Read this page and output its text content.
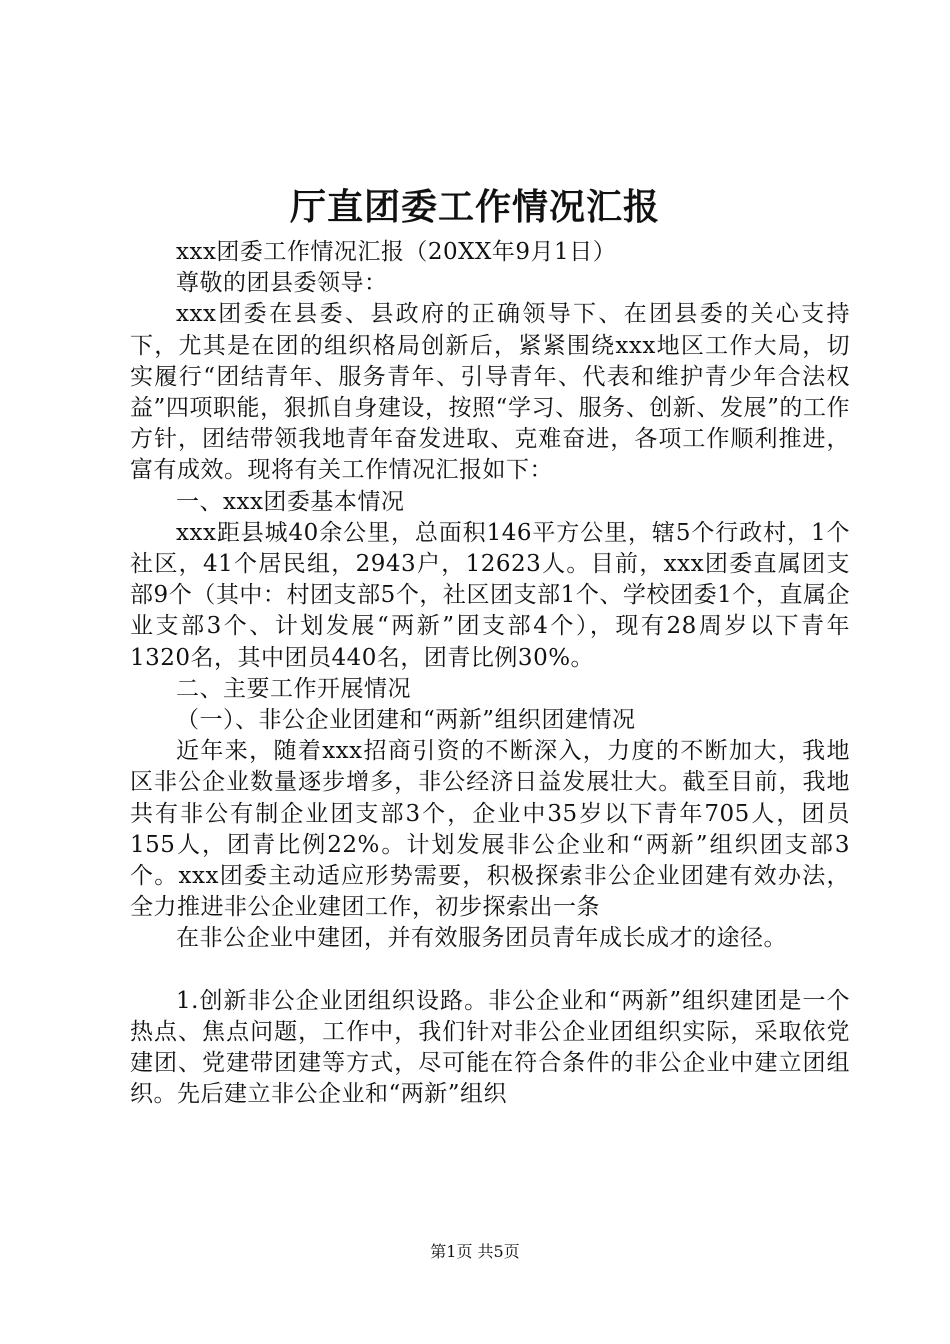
厅直团委工作情况汇报

xxx团委工作情况汇报（20XX年9月1日）

尊敬的团县委领导：

xxx团委在县委、县政府的正确领导下、在团县委的关心支持下，尤其是在团的组织格局创新后，紧紧围绕xxx地区工作大局，切实履行“团结青年、服务青年、引导青年、代表和维护青少年合法权益”四项职能，狠抓自身建设，按照“学习、服务、创新、发展”的工作方针，团结带领我地青年奋发进取、克难奋进，各项工作顺利推进，富有成效。现将有关工作情况汇报如下：

一、xxx团委基本情况

xxx距县城40余公里，总面积146平方公里，辖5个行政村，1个社区，41个居民组，2943户，12623人。目前，xxx团委直属团支部9个（其中：村团支部5个，社区团支部1个、学校团委1个，直属企业支部3个、计划发展“两新”团支部4个），现有28周岁以下青年1320名，其中团员440名，团青比例30%。

二、主要工作开展情况

（一）、非公企业团建和“两新”组织团建情况

近年来，随着xxx招商引资的不断深入，力度的不断加大，我地区非公企业数量逐步增多，非公经济日益发展壮大。截至目前，我地共有非公有制企业团支部3个，企业中35岁以下青年705人，团员155人，团青比例22%。计划发展非公企业和“两新”组织团支部3个。xxx团委主动适应形势需要，积极探索非公企业团建有效办法，全力推进非公企业建团工作，初步探索出一条

在非公企业中建团，并有效服务团员青年成长成才的途径。

1.创新非公企业团组织设路。非公企业和“两新”组织建团是一个热点、焦点问题，工作中，我们针对非公企业团组织实际，采取依党建团、党建带团建等方式，尽可能在符合条件的非公企业中建立团组织。先后建立非公企业和“两新”组织

第1页 共5页
